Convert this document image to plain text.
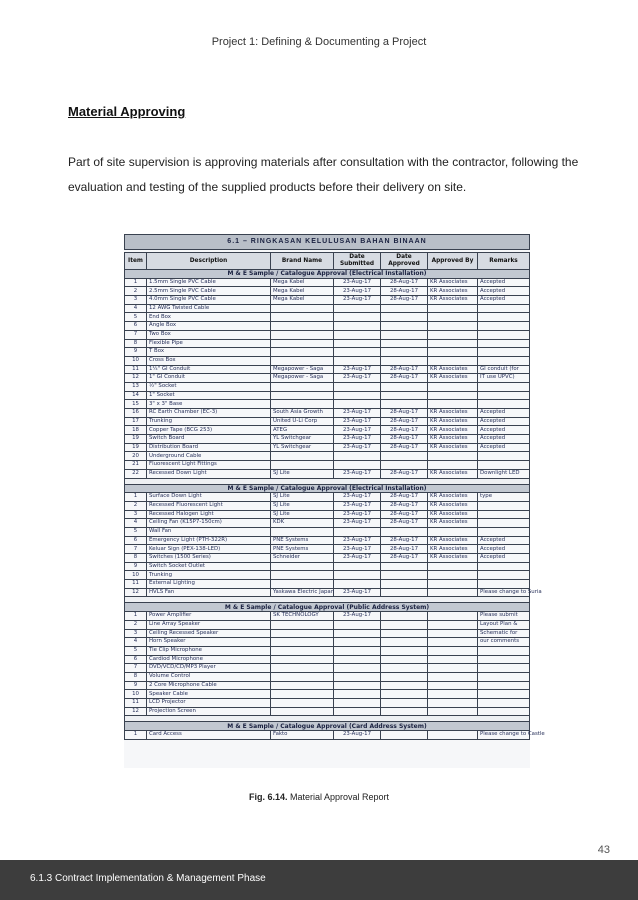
Project 1: Defining & Documenting a Project
Material Approving
Part of site supervision is approving materials after consultation with the contractor, following the evaluation and testing of the supplied products before their delivery on site.
6.1 – RINGKASAN KELULUSAN BAHAN BINAAN
Item	Description	Brand Name	Date Submitted	Date Approved	Approved By	Remarks
M & E Sample / Catalogue Approval (Electrical Installation)						
1	1.5mm Single PVC Cable	Mega Kabel	23-Aug-17	28-Aug-17	KR Associates	Accepted
2	2.5mm Single PVC Cable	Mega Kabel	23-Aug-17	28-Aug-17	KR Associates	Accepted
3	4.0mm Single PVC Cable	Mega Kabel	23-Aug-17	28-Aug-17	KR Associates	Accepted
4	12 AWG Twisted Cable					
5	End Box					
6	Angle Box					
7	Two Box					
8	Flexible Pipe					
9	T Box					
10	Cross Box					
11	1¼" GI Conduit	Megapower - Saga	23-Aug-17	28-Aug-17	KR Associates	GI conduit (for
12	1" GI Conduit	Megapower - Saga	23-Aug-17	28-Aug-17	KR Associates	IT use UPVC)
13	½" Socket					
14	1" Socket					
15	3" x 3" Base					
16	RC Earth Chamber (EC-3)	South Asia Growth	23-Aug-17	28-Aug-17	KR Associates	Accepted
17	Trunking	United U-Li Corp	23-Aug-17	28-Aug-17	KR Associates	Accepted
18	Copper Tape (BCG 253)	ATEG	23-Aug-17	28-Aug-17	KR Associates	Accepted
19	Switch Board	YL Switchgear	23-Aug-17	28-Aug-17	KR Associates	Accepted
19	Distribution Board	YL Switchgear	23-Aug-17	28-Aug-17	KR Associates	Accepted
20	Underground Cable					
21	Fluorescent Light Fittings					
22	Recessed Down Light	SJ Lite	23-Aug-17	28-Aug-17	KR Associates	Downlight LED

M & E Sample / Catalogue Approval (Electrical Installation)						
1	Surface Down Light	SJ Lite	23-Aug-17	28-Aug-17	KR Associates	type
2	Recessed Fluorescent Light	SJ Lite	23-Aug-17	28-Aug-17	KR Associates	
3	Recessed Halogen Light	SJ Lite	23-Aug-17	28-Aug-17	KR Associates	
4	Ceiling Fan (K15P7-150cm)	KDK	23-Aug-17	28-Aug-17	KR Associates	
5	Wall Fan					
6	Emergency Light (PTH-322R)	PNE Systems	23-Aug-17	28-Aug-17	KR Associates	Accepted
7	Keluar Sign (PEX-138-LED)	PNE Systems	23-Aug-17	28-Aug-17	KR Associates	Accepted
8	Switches (1500 Series)	Schneider	23-Aug-17	28-Aug-17	KR Associates	Accepted
9	Switch Socket Outlet					
10	Trunking					
11	External Lighting					
12	HVLS Fan	Yaskawa Electric Japan	23-Aug-17			Please change to Suria

M & E Sample / Catalogue Approval (Public Address System)						
1	Power Amplifier	SK TECHNOLOGY	23-Aug-17			Please submit
2	Line Array Speaker					Layout Plan &
3	Ceiling Recessed Speaker					Schematic for
4	Horn Speaker					our comments
5	Tie Clip Microphone					
6	Cardiod Microphone					
7	DVD/VCD/CD/MP3 Player					
8	Volume Control					
9	2 Core Microphone Cable					
10	Speaker Cable					
11	LCD Projector					
12	Projection Screen					

M & E Sample / Catalogue Approval (Card Address System)						
1	Card Access	Fakto	23-Aug-17			Please change to Castle
Fig. 6.14. Material Approval Report
43
6.1.3 Contract Implementation & Management Phase
